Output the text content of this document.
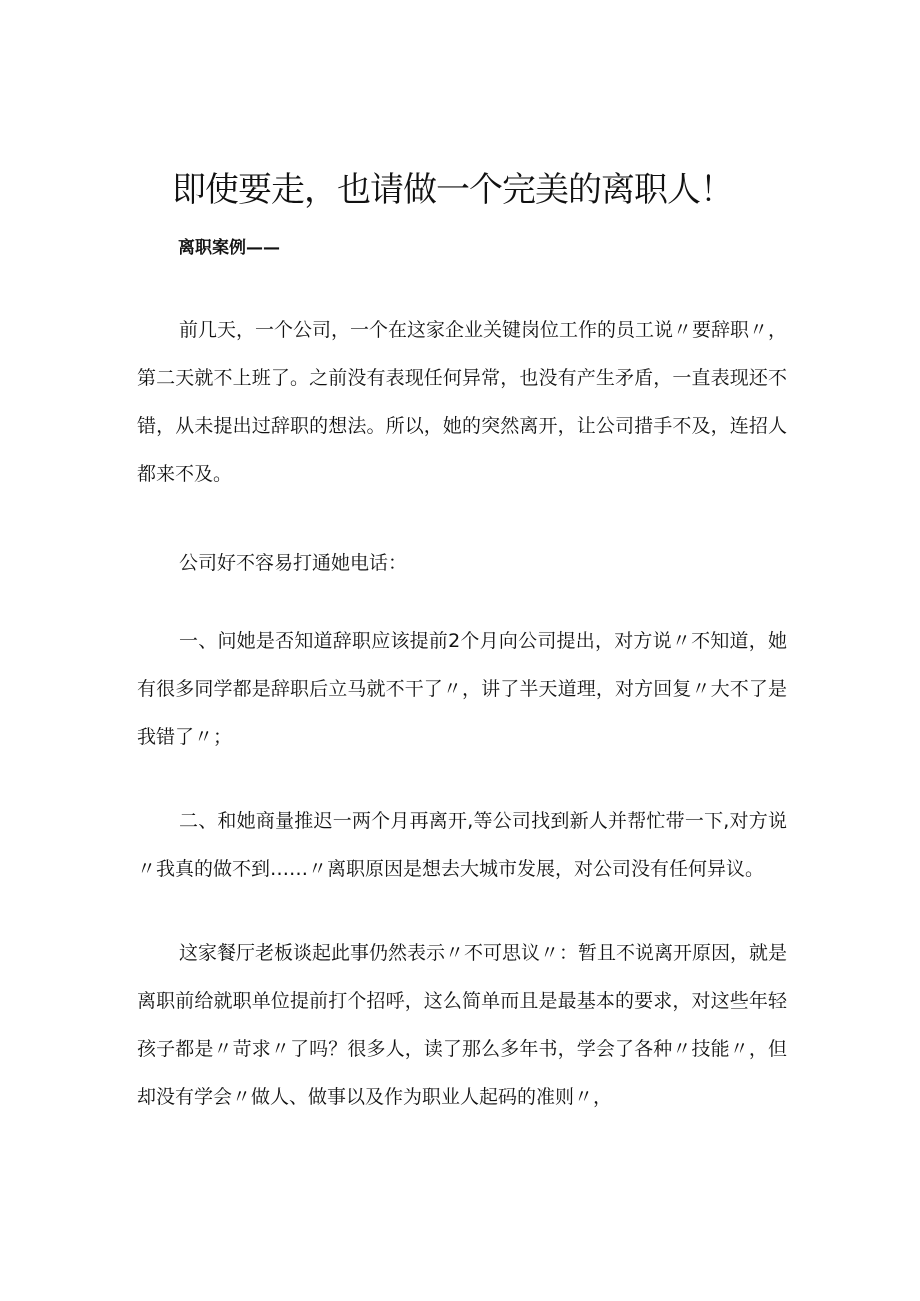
即使要走，也请做一个完美的离职人！
离职案例——

前几天，一个公司，一个在这家企业关键岗位工作的员工说〃要辞职〃，第二天就不上班了。之前没有表现任何异常，也没有产生矛盾，一直表现还不错，从未提出过辞职的想法。所以，她的突然离开，让公司措手不及，连招人都来不及。

公司好不容易打通她电话：

一、问她是否知道辞职应该提前2个月向公司提出，对方说〃不知道，她有很多同学都是辞职后立马就不干了〃，讲了半天道理，对方回复〃大不了是我错了〃；

二、和她商量推迟一两个月再离开,等公司找到新人并帮忙带一下,对方说〃我真的做不到……〃离职原因是想去大城市发展，对公司没有任何异议。

这家餐厅老板谈起此事仍然表示〃不可思议〃：暂且不说离开原因，就是离职前给就职单位提前打个招呼，这么简单而且是最基本的要求，对这些年轻孩子都是〃苛求〃了吗？很多人，读了那么多年书，学会了各种〃技能〃，但却没有学会〃做人、做事以及作为职业人起码的准则〃，
